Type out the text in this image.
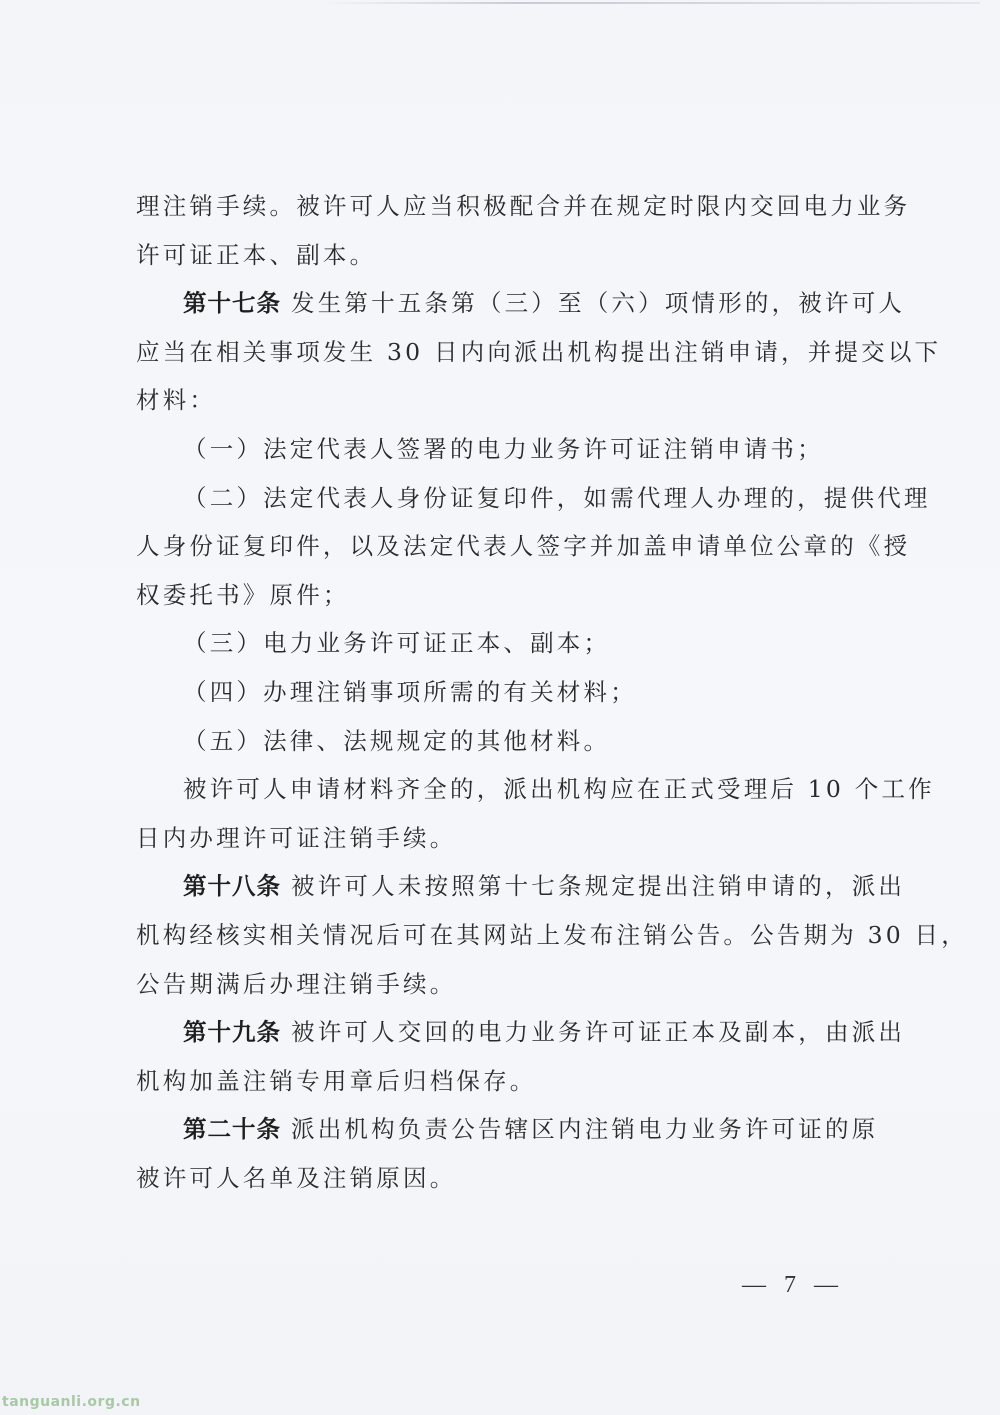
理注销手续。被许可人应当积极配合并在规定时限内交回电力业务
许可证正本、副本。
第十七条 发生第十五条第（三）至（六）项情形的，被许可人
应当在相关事项发生 30 日内向派出机构提出注销申请，并提交以下
材料：
（一）法定代表人签署的电力业务许可证注销申请书；
（二）法定代表人身份证复印件，如需代理人办理的，提供代理
人身份证复印件，以及法定代表人签字并加盖申请单位公章的《授
权委托书》原件；
（三）电力业务许可证正本、副本；
（四）办理注销事项所需的有关材料；
（五）法律、法规规定的其他材料。
被许可人申请材料齐全的，派出机构应在正式受理后 10 个工作
日内办理许可证注销手续。
第十八条 被许可人未按照第十七条规定提出注销申请的，派出
机构经核实相关情况后可在其网站上发布注销公告。公告期为 30 日，
公告期满后办理注销手续。
第十九条 被许可人交回的电力业务许可证正本及副本，由派出
机构加盖注销专用章后归档保存。
第二十条 派出机构负责公告辖区内注销电力业务许可证的原
被许可人名单及注销原因。
— 7 —
tanguanli.org.cn
